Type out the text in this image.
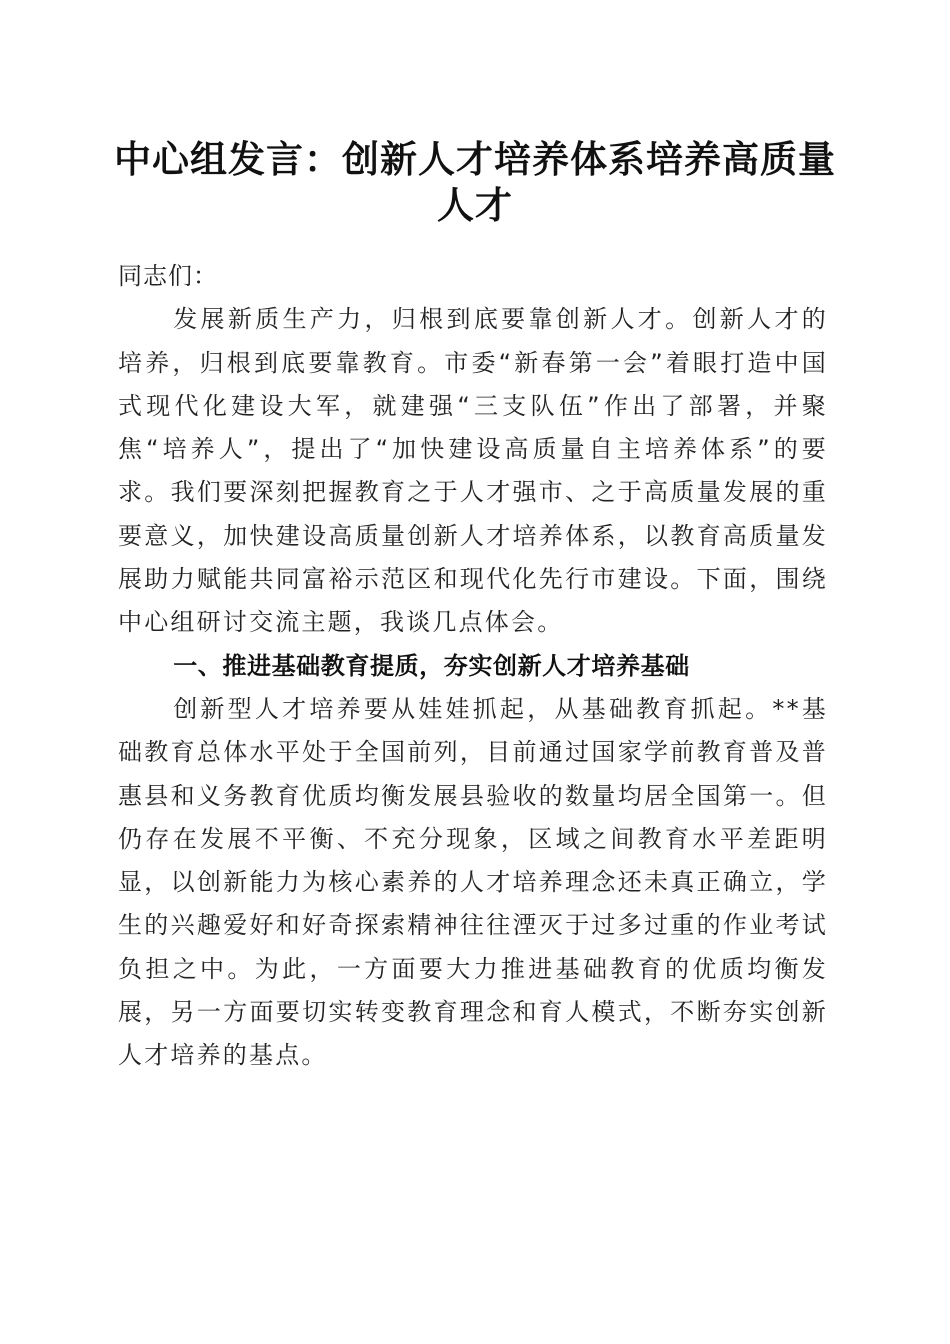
中心组发言：创新人才培养体系培养高质量人才

同志们：

发展新质生产力，归根到底要靠创新人才。创新人才的培养，归根到底要靠教育。市委“新春第一会”着眼打造中国式现代化建设大军，就建强“三支队伍”作出了部署，并聚焦“培养人”，提出了“加快建设高质量自主培养体系”的要求。我们要深刻把握教育之于人才强市、之于高质量发展的重要意义，加快建设高质量创新人才培养体系，以教育高质量发展助力赋能共同富裕示范区和现代化先行市建设。下面，围绕中心组研讨交流主题，我谈几点体会。

一、推进基础教育提质，夯实创新人才培养基础

创新型人才培养要从娃娃抓起，从基础教育抓起。**基础教育总体水平处于全国前列，目前通过国家学前教育普及普惠县和义务教育优质均衡发展县验收的数量均居全国第一。但仍存在发展不平衡、不充分现象，区域之间教育水平差距明显，以创新能力为核心素养的人才培养理念还未真正确立，学生的兴趣爱好和好奇探索精神往往湮灭于过多过重的作业考试负担之中。为此，一方面要大力推进基础教育的优质均衡发展，另一方面要切实转变教育理念和育人模式，不断夯实创新人才培养的基点。
